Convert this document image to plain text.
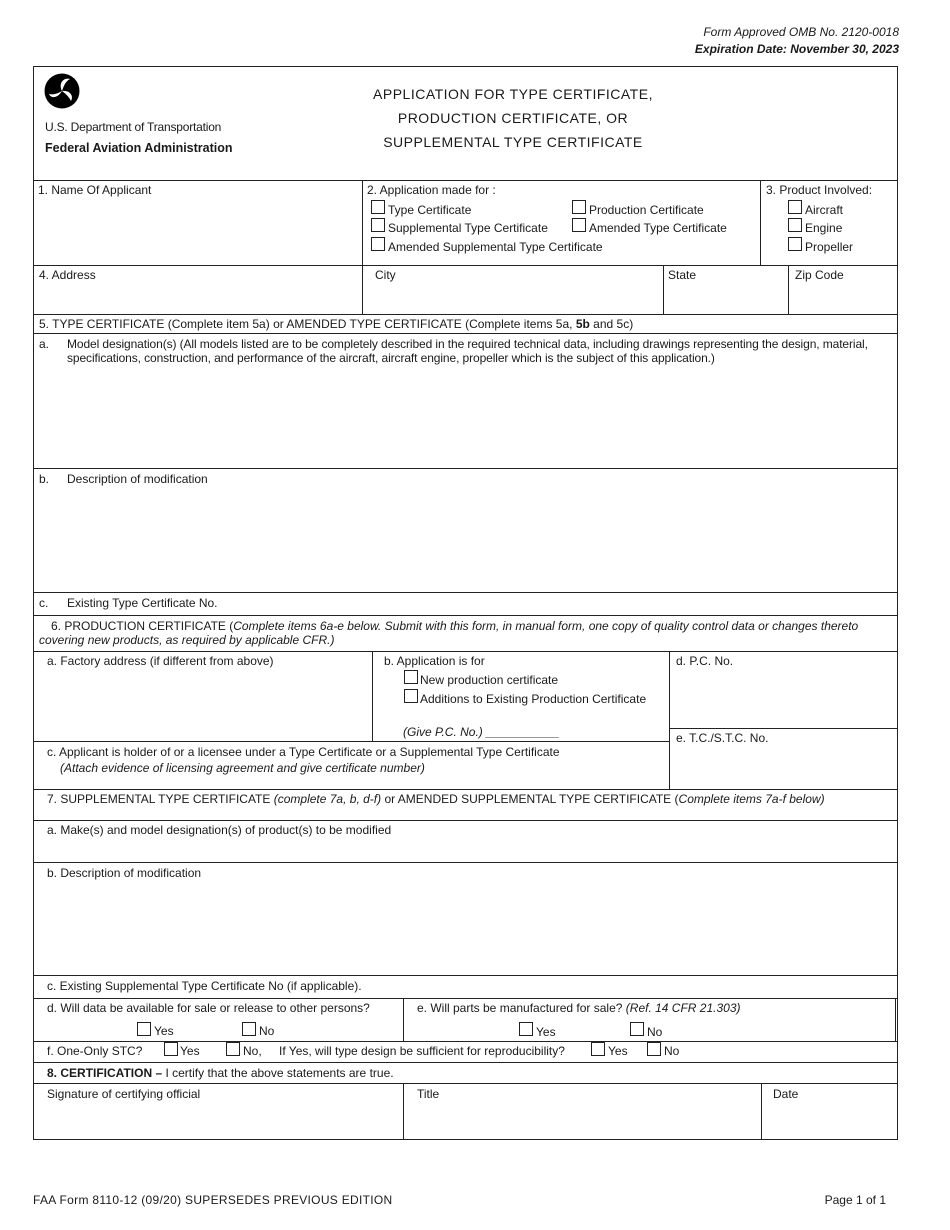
Form Approved OMB No. 2120-0018
Expiration Date: November 30, 2023
U.S. Department of Transportation
Federal Aviation Administration
APPLICATION FOR TYPE CERTIFICATE,
PRODUCTION CERTIFICATE, OR
SUPPLEMENTAL TYPE CERTIFICATE
1. Name Of Applicant	2. Application made for :
Type Certificate	Production Certificate
Supplemental Type Certificate	Amended Type Certificate
Amended Supplemental Type Certificate
3. Product Involved:
Aircraft
Engine
Propeller
4. Address	City	State	Zip Code
5. TYPE CERTIFICATE (Complete item 5a) or AMENDED TYPE CERTIFICATE (Complete items 5a, 5b and 5c)
a. Model designation(s) (All models listed are to be completely described in the required technical data, including drawings representing the design, material, specifications, construction, and performance of the aircraft, aircraft engine, propeller which is the subject of this application.)
b. Description of modification
c. Existing Type Certificate No.
6. PRODUCTION CERTIFICATE (Complete items 6a-e below. Submit with this form, in manual form, one copy of quality control data or changes thereto covering new products, as required by applicable CFR.)
a. Factory address (if different from above)	b. Application is for
New production certificate
Additions to Existing Production Certificate
(Give P.C. No.) ___________
c. Applicant is holder of or a licensee under a Type Certificate or a Supplemental Type Certificate
(Attach evidence of licensing agreement and give certificate number)
d. P.C. No.
e. T.C./S.T.C. No.
7. SUPPLEMENTAL TYPE CERTIFICATE (complete 7a, b, d-f) or AMENDED SUPPLEMENTAL TYPE CERTIFICATE (Complete items 7a-f below)
a. Make(s) and model designation(s) of product(s) to be modified
b. Description of modification
c. Existing Supplemental Type Certificate No (if applicable).
d. Will data be available for sale or release to other persons?
Yes	No
e. Will parts be manufactured for sale? (Ref. 14 CFR 21.303)
Yes	No
f. One-Only STC?	Yes	No, If Yes, will type design be sufficient for reproducibility?	Yes	No
8. CERTIFICATION – I certify that the above statements are true.
Signature of certifying official	Title	Date
FAA Form 8110-12 (09/20) SUPERSEDES PREVIOUS EDITION	Page 1 of 1
